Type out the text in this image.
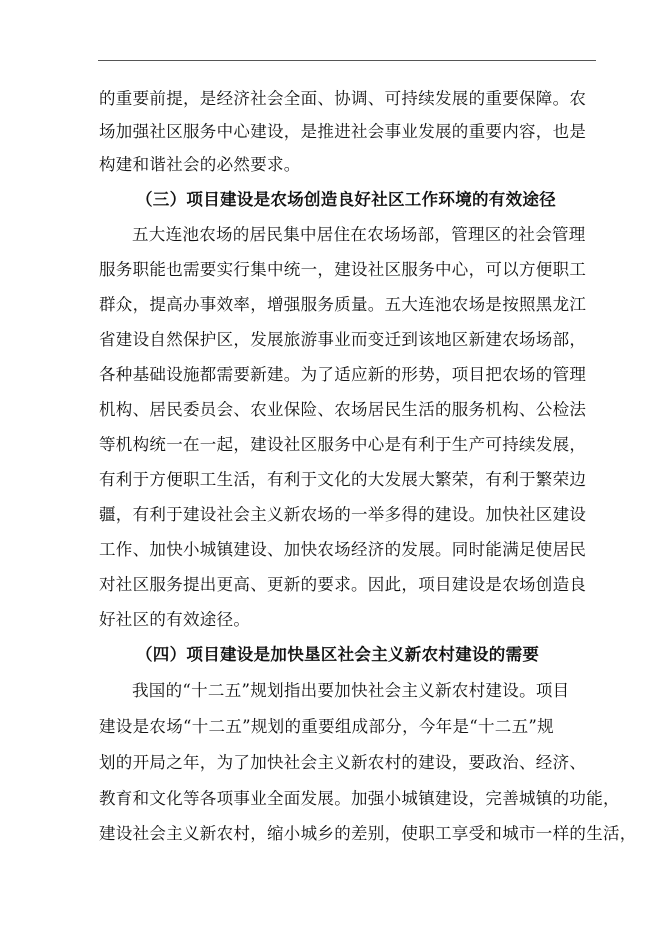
的重要前提，是经济社会全面、协调、可持续发展的重要保障。农
场加强社区服务中心建设，是推进社会事业发展的重要内容，也是
构建和谐社会的必然要求。
（三）项目建设是农场创造良好社区工作环境的有效途径
五大连池农场的居民集中居住在农场场部，管理区的社会管理
服务职能也需要实行集中统一，建设社区服务中心，可以方便职工
群众，提高办事效率，增强服务质量。五大连池农场是按照黑龙江
省建设自然保护区，发展旅游事业而变迁到该地区新建农场场部，
各种基础设施都需要新建。为了适应新的形势，项目把农场的管理
机构、居民委员会、农业保险、农场居民生活的服务机构、公检法
等机构统一在一起，建设社区服务中心是有利于生产可持续发展，
有利于方便职工生活，有利于文化的大发展大繁荣，有利于繁荣边
疆，有利于建设社会主义新农场的一举多得的建设。加快社区建设
工作、加快小城镇建设、加快农场经济的发展。同时能满足使居民
对社区服务提出更高、更新的要求。因此，项目建设是农场创造良
好社区的有效途径。
（四）项目建设是加快垦区社会主义新农村建设的需要
我国的“十二五”规划指出要加快社会主义新农村建设。项目
建设是农场“十二五”规划的重要组成部分，今年是“十二五”规
划的开局之年，为了加快社会主义新农村的建设，要政治、经济、
教育和文化等各项事业全面发展。加强小城镇建设，完善城镇的功能，
建设社会主义新农村，缩小城乡的差别，使职工享受和城市一样的生活，
